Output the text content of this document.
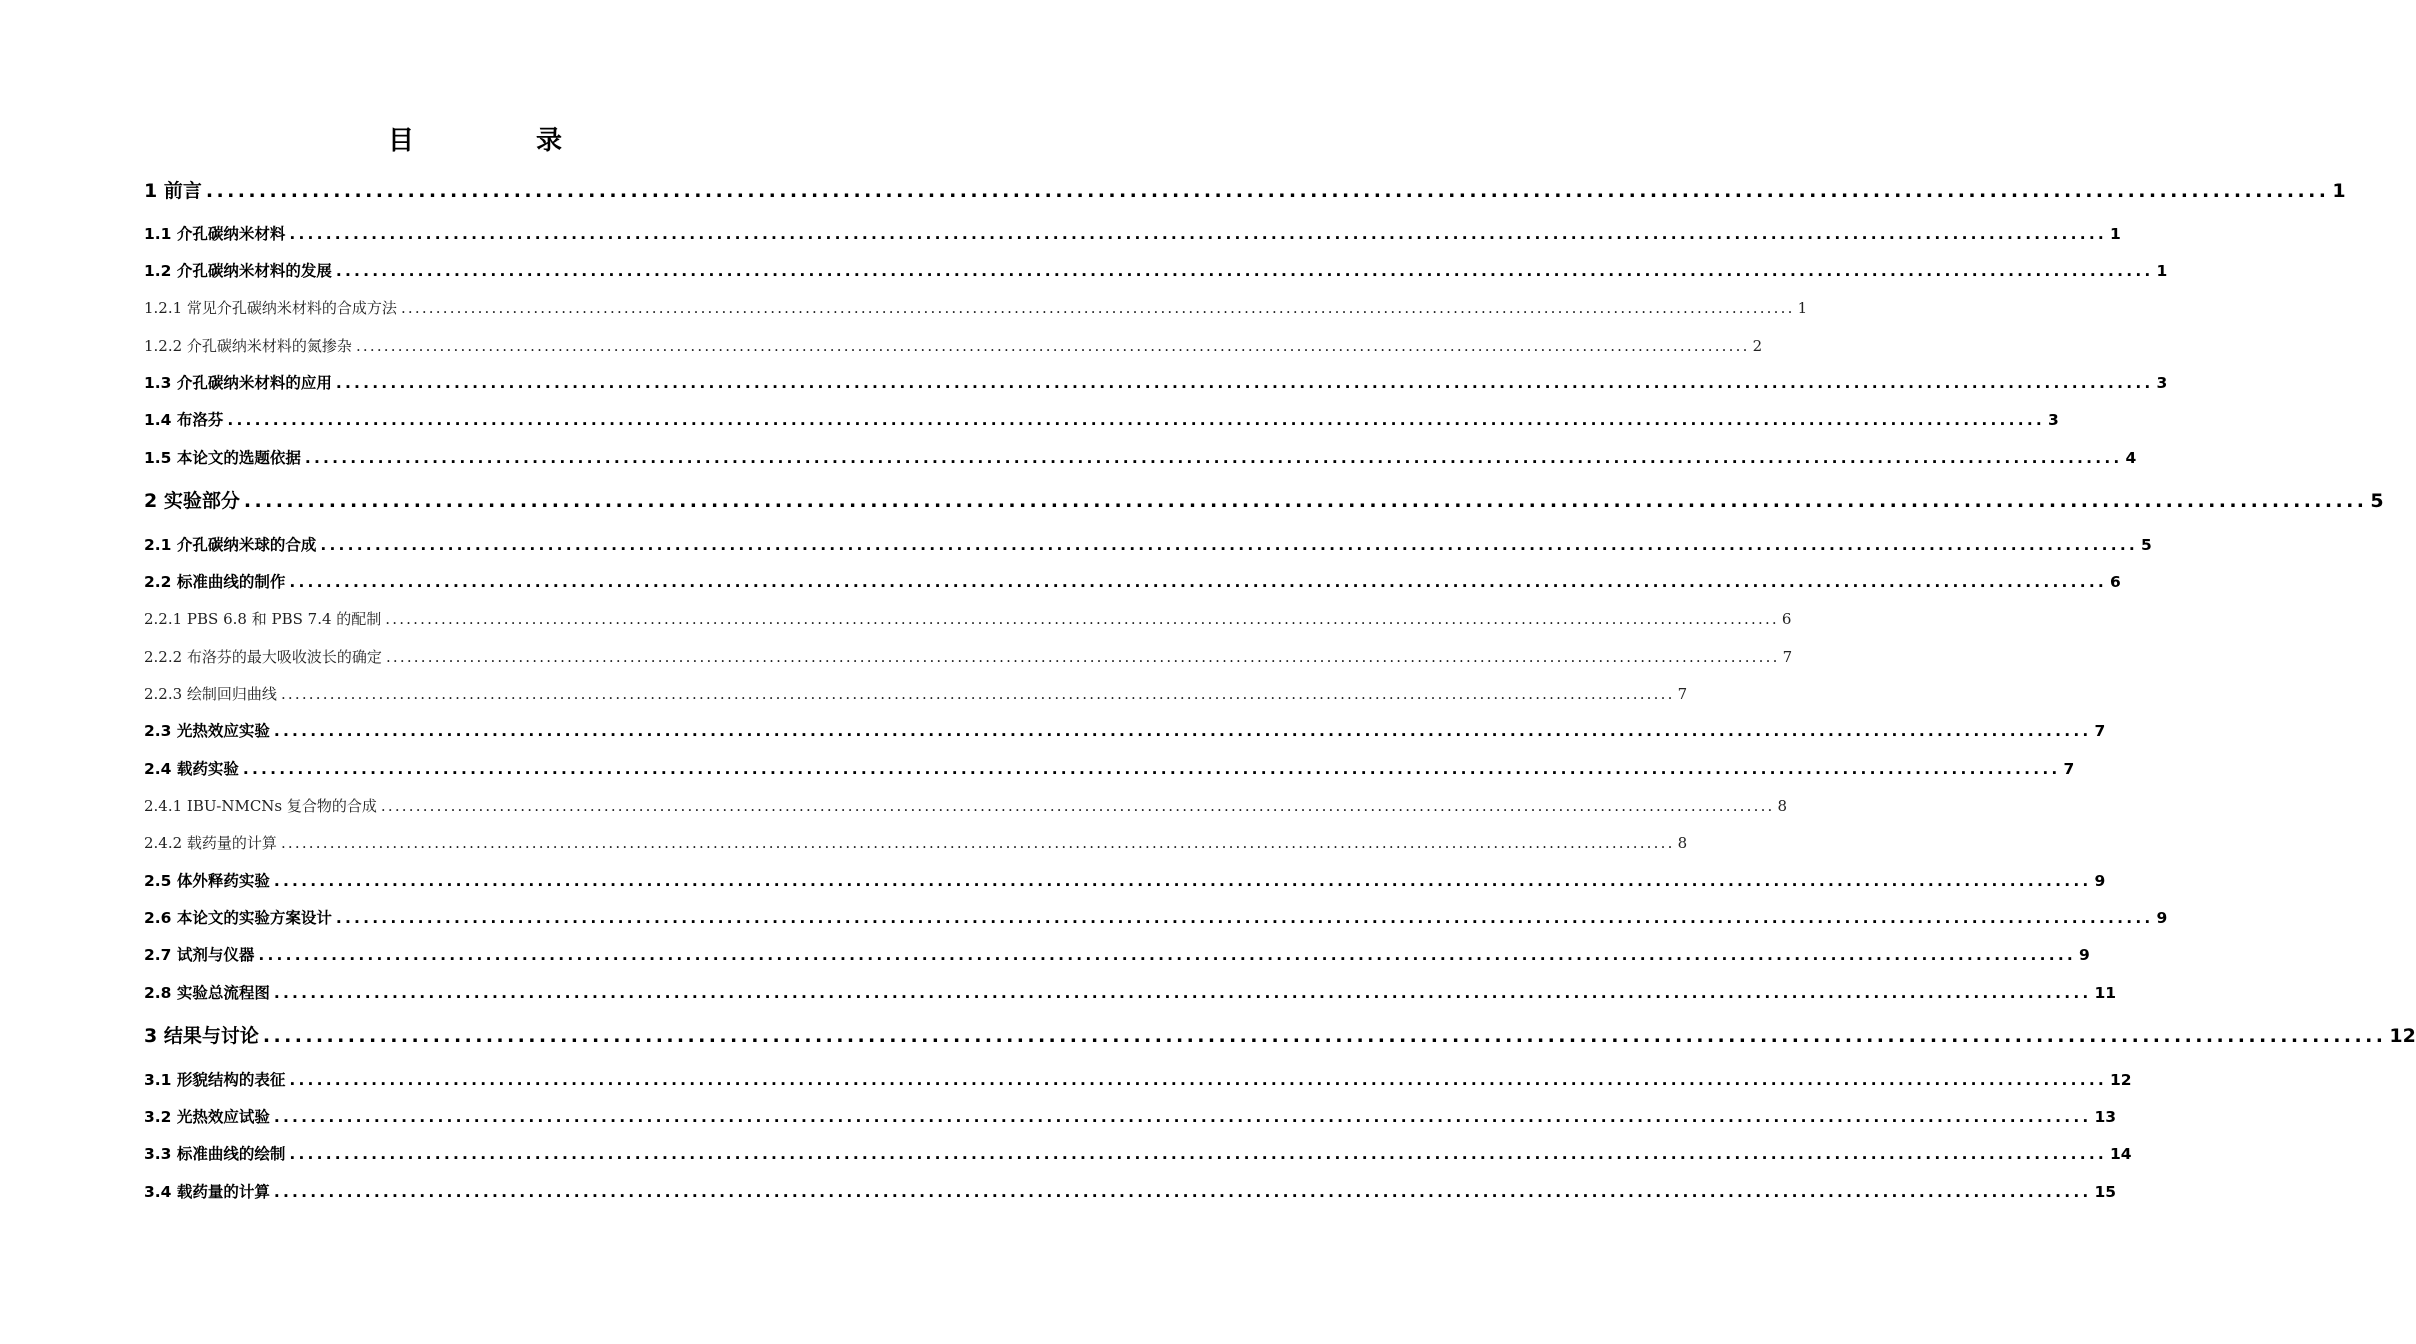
目　录
1 前言 ........................................................................................................................................................................................................ 1
1.1 介孔碳纳米材料 ........................................................................................................................................................................................................ 1
1.2 介孔碳纳米材料的发展 ........................................................................................................................................................................................................ 1
1.2.1 常见介孔碳纳米材料的合成方法 ........................................................................................................................................................................................................ 1
1.2.2 介孔碳纳米材料的氮掺杂 ........................................................................................................................................................................................................ 2
1.3 介孔碳纳米材料的应用 ........................................................................................................................................................................................................ 3
1.4 布洛芬 ........................................................................................................................................................................................................ 3
1.5 本论文的选题依据 ........................................................................................................................................................................................................ 4
2 实验部分 ........................................................................................................................................................................................................ 5
2.1 介孔碳纳米球的合成 ........................................................................................................................................................................................................ 5
2.2 标准曲线的制作 ........................................................................................................................................................................................................ 6
2.2.1 PBS 6.8 和 PBS 7.4 的配制 ........................................................................................................................................................................................................ 6
2.2.2 布洛芬的最大吸收波长的确定 ........................................................................................................................................................................................................ 7
2.2.3 绘制回归曲线 ........................................................................................................................................................................................................ 7
2.3 光热效应实验 ........................................................................................................................................................................................................ 7
2.4 载药实验 ........................................................................................................................................................................................................ 7
2.4.1 IBU-NMCNs 复合物的合成 ........................................................................................................................................................................................................ 8
2.4.2 载药量的计算 ........................................................................................................................................................................................................ 8
2.5 体外释药实验 ........................................................................................................................................................................................................ 9
2.6 本论文的实验方案设计 ........................................................................................................................................................................................................ 9
2.7 试剂与仪器 ........................................................................................................................................................................................................ 9
2.8 实验总流程图 ........................................................................................................................................................................................................ 11
3 结果与讨论 ........................................................................................................................................................................................................ 12
3.1 形貌结构的表征 ........................................................................................................................................................................................................ 12
3.2 光热效应试验 ........................................................................................................................................................................................................ 13
3.3 标准曲线的绘制 ........................................................................................................................................................................................................ 14
3.4 载药量的计算 ........................................................................................................................................................................................................ 15
